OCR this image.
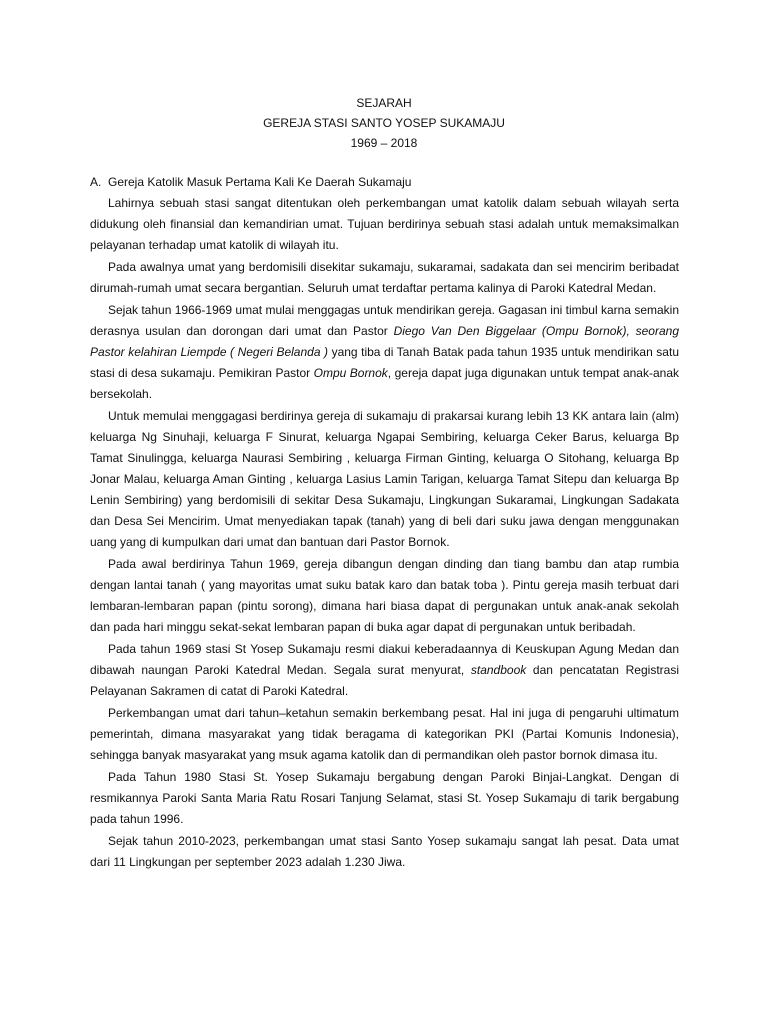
SEJARAH
GEREJA STASI SANTO YOSEP SUKAMAJU
1969 – 2018
A. Gereja Katolik Masuk Pertama Kali Ke Daerah Sukamaju

Lahirnya sebuah stasi sangat ditentukan oleh perkembangan umat katolik dalam sebuah wilayah serta didukung oleh finansial dan kemandirian umat. Tujuan berdirinya sebuah stasi adalah untuk memaksimalkan pelayanan terhadap umat katolik di wilayah itu.

Pada awalnya umat yang berdomisili disekitar sukamaju, sukaramai, sadakata dan sei mencirim beribadat dirumah-rumah umat secara bergantian. Seluruh umat terdaftar pertama kalinya di Paroki Katedral Medan.

Sejak tahun 1966-1969 umat mulai menggagas untuk mendirikan gereja. Gagasan ini timbul karna semakin derasnya usulan dan dorongan dari umat dan Pastor Diego Van Den Biggelaar (Ompu Bornok), seorang Pastor kelahiran Liempde ( Negeri Belanda ) yang tiba di Tanah Batak pada tahun 1935 untuk mendirikan satu stasi di desa sukamaju. Pemikiran Pastor Ompu Bornok, gereja dapat juga digunakan untuk tempat anak-anak bersekolah.

Untuk memulai menggagasi berdirinya gereja di sukamaju di prakarsai kurang lebih 13 KK antara lain (alm) keluarga Ng Sinuhaji, keluarga F Sinurat, keluarga Ngapai Sembiring, keluarga Ceker Barus, keluarga Bp Tamat Sinulingga, keluarga Naurasi Sembiring , keluarga Firman Ginting, keluarga O Sitohang, keluarga Bp Jonar Malau, keluarga Aman Ginting , keluarga Lasius Lamin Tarigan, keluarga Tamat Sitepu dan keluarga Bp Lenin Sembiring) yang berdomisili di sekitar Desa Sukamaju, Lingkungan Sukaramai, Lingkungan Sadakata dan Desa Sei Mencirim. Umat menyediakan tapak (tanah) yang di beli dari suku jawa dengan menggunakan uang yang di kumpulkan dari umat dan bantuan dari Pastor Bornok.

Pada awal berdirinya Tahun 1969, gereja dibangun dengan dinding dan tiang bambu dan atap rumbia dengan lantai tanah ( yang mayoritas umat suku batak karo dan batak toba ). Pintu gereja masih terbuat dari lembaran-lembaran papan (pintu sorong), dimana hari biasa dapat di pergunakan untuk anak-anak sekolah dan pada hari minggu sekat-sekat lembaran papan di buka agar dapat di pergunakan untuk beribadah.

Pada tahun 1969 stasi St Yosep Sukamaju resmi diakui keberadaannya di Keuskupan Agung Medan dan dibawah naungan Paroki Katedral Medan. Segala surat menyurat, standbook dan pencatatan Registrasi Pelayanan Sakramen di catat di Paroki Katedral.

Perkembangan umat dari tahun–ketahun semakin berkembang pesat. Hal ini juga di pengaruhi ultimatum pemerintah, dimana masyarakat yang tidak beragama di kategorikan PKI (Partai Komunis Indonesia), sehingga banyak masyarakat yang msuk agama katolik dan di permandikan oleh pastor bornok dimasa itu.

Pada Tahun 1980 Stasi St. Yosep Sukamaju bergabung dengan Paroki Binjai-Langkat. Dengan di resmikannya Paroki Santa Maria Ratu Rosari Tanjung Selamat, stasi St. Yosep Sukamaju di tarik bergabung pada tahun 1996.

Sejak tahun 2010-2023, perkembangan umat stasi Santo Yosep sukamaju sangat lah pesat. Data umat dari 11 Lingkungan per september 2023 adalah 1.230 Jiwa.
